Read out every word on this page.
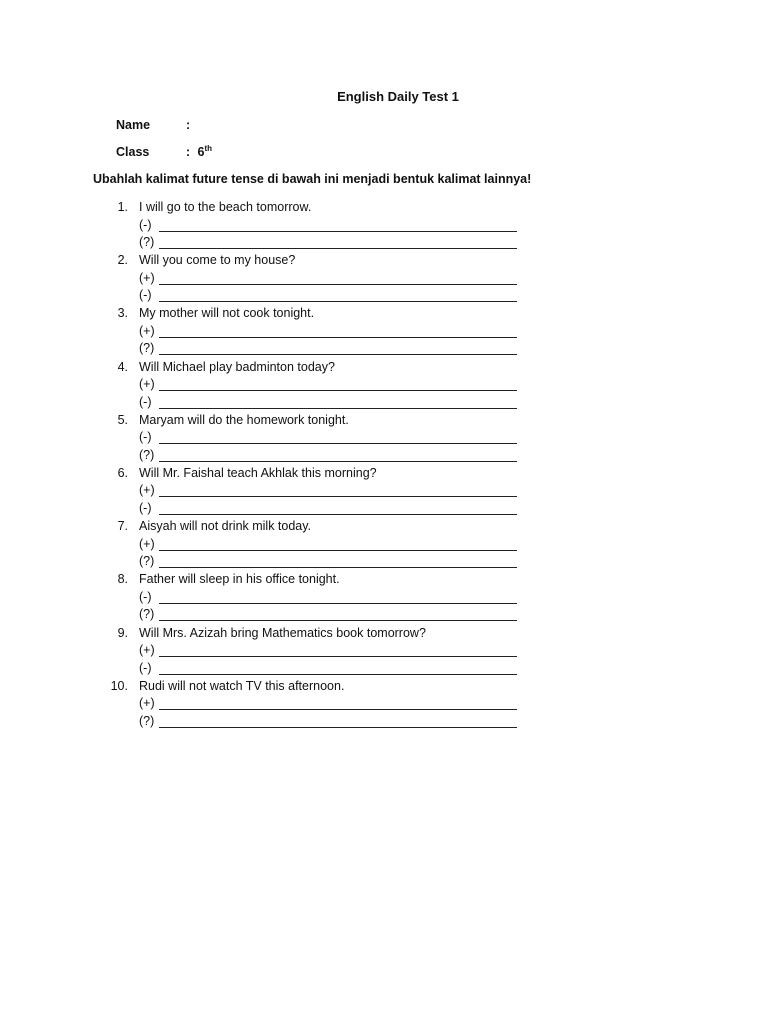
English Daily Test 1
Name	:
Class	: 6th
Ubahlah kalimat future tense di bawah ini menjadi bentuk kalimat lainnya!
1. I will go to the beach tomorrow.
(-)
(?)
2. Will you come to my house?
(+)
(-)
3. My mother will not cook tonight.
(+)
(?)
4. Will Michael play badminton today?
(+)
(-)
5. Maryam will do the homework tonight.
(-)
(?)
6. Will Mr. Faishal teach Akhlak this morning?
(+)
(-)
7. Aisyah will not drink milk today.
(+)
(?)
8. Father will sleep in his office tonight.
(-)
(?)
9. Will Mrs. Azizah bring Mathematics book tomorrow?
(+)
(-)
10. Rudi will not watch TV this afternoon.
(+)
(?)
